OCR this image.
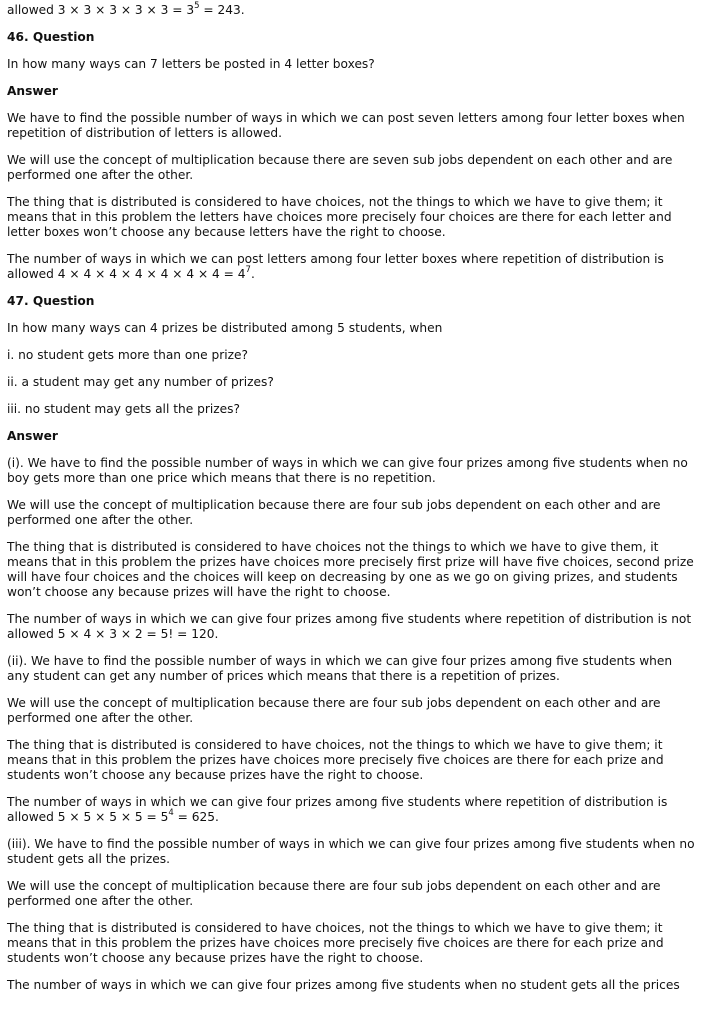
allowed $3 \times 3 \times 3 \times 3 \times 3 = 3^5 = 243$.

46. Question

In how many ways can 7 letters be posted in 4 letter boxes?

Answer

We have to find the possible number of ways in which we can post seven letters among four letter boxes when repetition of distribution of letters is allowed.

We will use the concept of multiplication because there are seven sub jobs dependent on each other and are performed one after the other.

The thing that is distributed is considered to have choices, not the things to which we have to give them; it means that in this problem the letters have choices more precisely four choices are there for each letter and letter boxes won’t choose any because letters have the right to choose.

The number of ways in which we can post letters among four letter boxes where repetition of distribution is allowed $4 \times 4 \times 4 \times 4 \times 4 \times 4 \times 4 = 4^7$.

47. Question

In how many ways can 4 prizes be distributed among 5 students, when

i. no student gets more than one prize?

ii. a student may get any number of prizes?

iii. no student may gets all the prizes?

Answer

(i). We have to find the possible number of ways in which we can give four prizes among five students when no boy gets more than one price which means that there is no repetition.

We will use the concept of multiplication because there are four sub jobs dependent on each other and are performed one after the other.

The thing that is distributed is considered to have choices not the things to which we have to give them, it means that in this problem the prizes have choices more precisely first prize will have five choices, second prize will have four choices and the choices will keep on decreasing by one as we go on giving prizes, and students won’t choose any because prizes will have the right to choose.

The number of ways in which we can give four prizes among five students where repetition of distribution is not allowed 5 × 4 × 3 × 2 = 5! = 120.

(ii). We have to find the possible number of ways in which we can give four prizes among five students when any student can get any number of prices which means that there is a repetition of prizes.

We will use the concept of multiplication because there are four sub jobs dependent on each other and are performed one after the other.

The thing that is distributed is considered to have choices, not the things to which we have to give them; it means that in this problem the prizes have choices more precisely five choices are there for each prize and students won’t choose any because prizes have the right to choose.

The number of ways in which we can give four prizes among five students where repetition of distribution is allowed $5 \times 5 \times 5 \times 5 = 5^4 = 625$.

(iii). We have to find the possible number of ways in which we can give four prizes among five students when no student gets all the prizes.

We will use the concept of multiplication because there are four sub jobs dependent on each other and are performed one after the other.

The thing that is distributed is considered to have choices, not the things to which we have to give them; it means that in this problem the prizes have choices more precisely five choices are there for each prize and students won’t choose any because prizes have the right to choose.

The number of ways in which we can give four prizes among five students when no student gets all the prices
